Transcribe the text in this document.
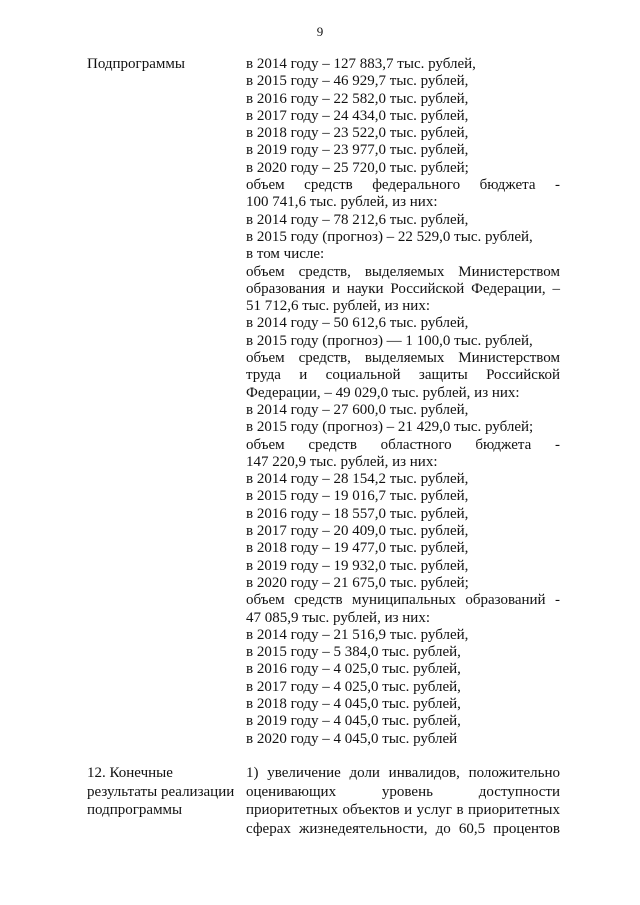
9
Подпрограммы	в 2014 году – 127 883,7 тыс. рублей,
в 2015 году – 46 929,7 тыс. рублей,
в 2016 году – 22 582,0 тыс. рублей,
в 2017 году – 24 434,0 тыс. рублей,
в 2018 году – 23 522,0 тыс. рублей,
в 2019 году – 23 977,0 тыс. рублей,
в 2020 году – 25 720,0 тыс. рублей;
объем средств федерального бюджета -
100 741,6 тыс. рублей, из них:
в 2014 году – 78 212,6 тыс. рублей,
в 2015 году (прогноз) – 22 529,0 тыс. рублей,
в том числе:
объем средств, выделяемых Министерством
образования и науки Российской Федерации, –
51 712,6 тыс. рублей, из них:
в 2014 году – 50 612,6 тыс. рублей,
в 2015 году (прогноз) — 1 100,0 тыс. рублей,
объем средств, выделяемых Министерством
труда и социальной защиты Российской
Федерации, – 49 029,0 тыс. рублей, из них:
в 2014 году – 27 600,0 тыс. рублей,
в 2015 году (прогноз) – 21 429,0 тыс. рублей;
объем средств областного бюджета -
147 220,9 тыс. рублей, из них:
в 2014 году – 28 154,2 тыс. рублей,
в 2015 году – 19 016,7 тыс. рублей,
в 2016 году – 18 557,0 тыс. рублей,
в 2017 году – 20 409,0 тыс. рублей,
в 2018 году – 19 477,0 тыс. рублей,
в 2019 году – 19 932,0 тыс. рублей,
в 2020 году – 21 675,0 тыс. рублей;
объем средств муниципальных образований -
47 085,9 тыс. рублей, из них:
в 2014 году – 21 516,9 тыс. рублей,
в 2015 году – 5 384,0 тыс. рублей,
в 2016 году – 4 025,0 тыс. рублей,
в 2017 году – 4 025,0 тыс. рублей,
в 2018 году – 4 045,0 тыс. рублей,
в 2019 году – 4 045,0 тыс. рублей,
в 2020 году – 4 045,0 тыс. рублей
12. Конечные
результаты реализации
подпрограммы
1) увеличение доли инвалидов, положительно
оценивающих уровень доступности
приоритетных объектов и услуг в приоритетных
сферах жизнедеятельности, до 60,5 процентов
